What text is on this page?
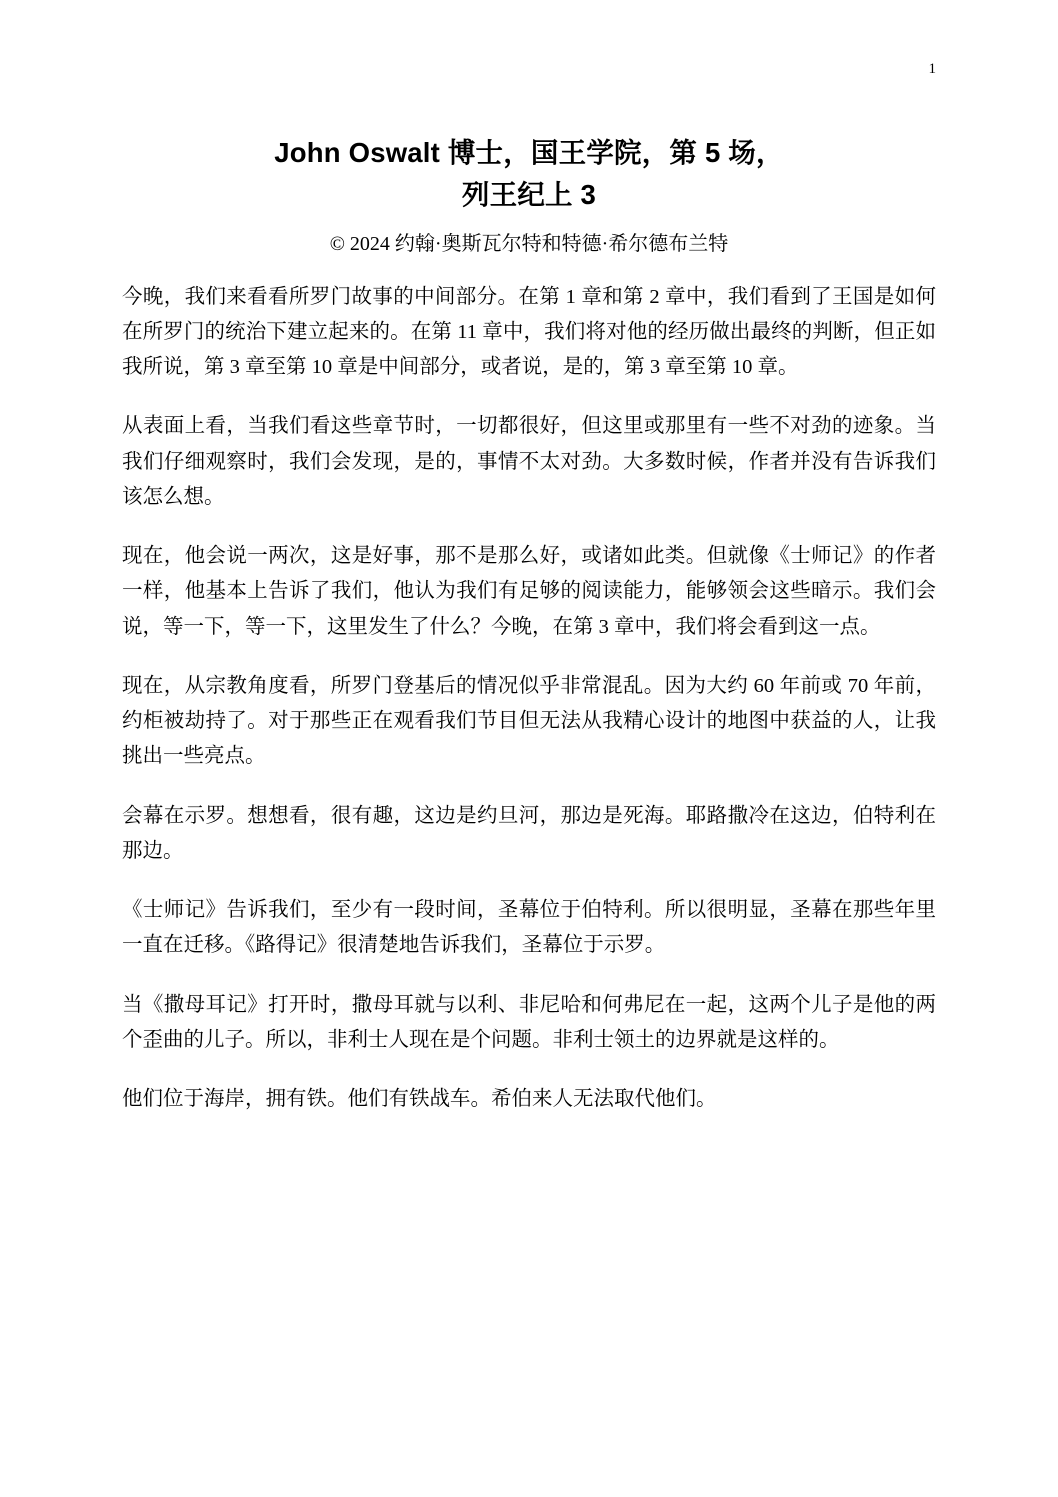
1
John Oswalt 博士，国王学院，第 5 场，
列王纪上 3

© 2024 约翰·奥斯瓦尔特和特德·希尔德布兰特

今晚，我们来看看所罗门故事的中间部分。在第 1 章和第 2 章中，我们看到了王国是如何在所罗门的统治下建立起来的。在第 11 章中，我们将对他的经历做出最终的判断，但正如我所说，第 3 章至第 10 章是中间部分，或者说，是的，第 3 章至第 10 章。

从表面上看，当我们看这些章节时，一切都很好，但这里或那里有一些不对劲的迹象。当我们仔细观察时，我们会发现，是的，事情不太对劲。大多数时候，作者并没有告诉我们该怎么想。

现在，他会说一两次，这是好事，那不是那么好，或诸如此类。但就像《士师记》的作者一样，他基本上告诉了我们，他认为我们有足够的阅读能力，能够领会这些暗示。我们会说，等一下，等一下，这里发生了什么？今晚，在第 3 章中，我们将会看到这一点。

现在，从宗教角度看，所罗门登基后的情况似乎非常混乱。因为大约 60 年前或 70 年前，约柜被劫持了。对于那些正在观看我们节目但无法从我精心设计的地图中获益的人，让我挑出一些亮点。

会幕在示罗。想想看，很有趣，这边是约旦河，那边是死海。耶路撒冷在这边，伯特利在那边。

《士师记》告诉我们，至少有一段时间，圣幕位于伯特利。所以很明显，圣幕在那些年里一直在迁移。《路得记》很清楚地告诉我们，圣幕位于示罗。

当《撒母耳记》打开时，撒母耳就与以利、非尼哈和何弗尼在一起，这两个儿子是他的两个歪曲的儿子。所以，非利士人现在是个问题。非利士领土的边界就是这样的。

他们位于海岸，拥有铁。他们有铁战车。希伯来人无法取代他们。
